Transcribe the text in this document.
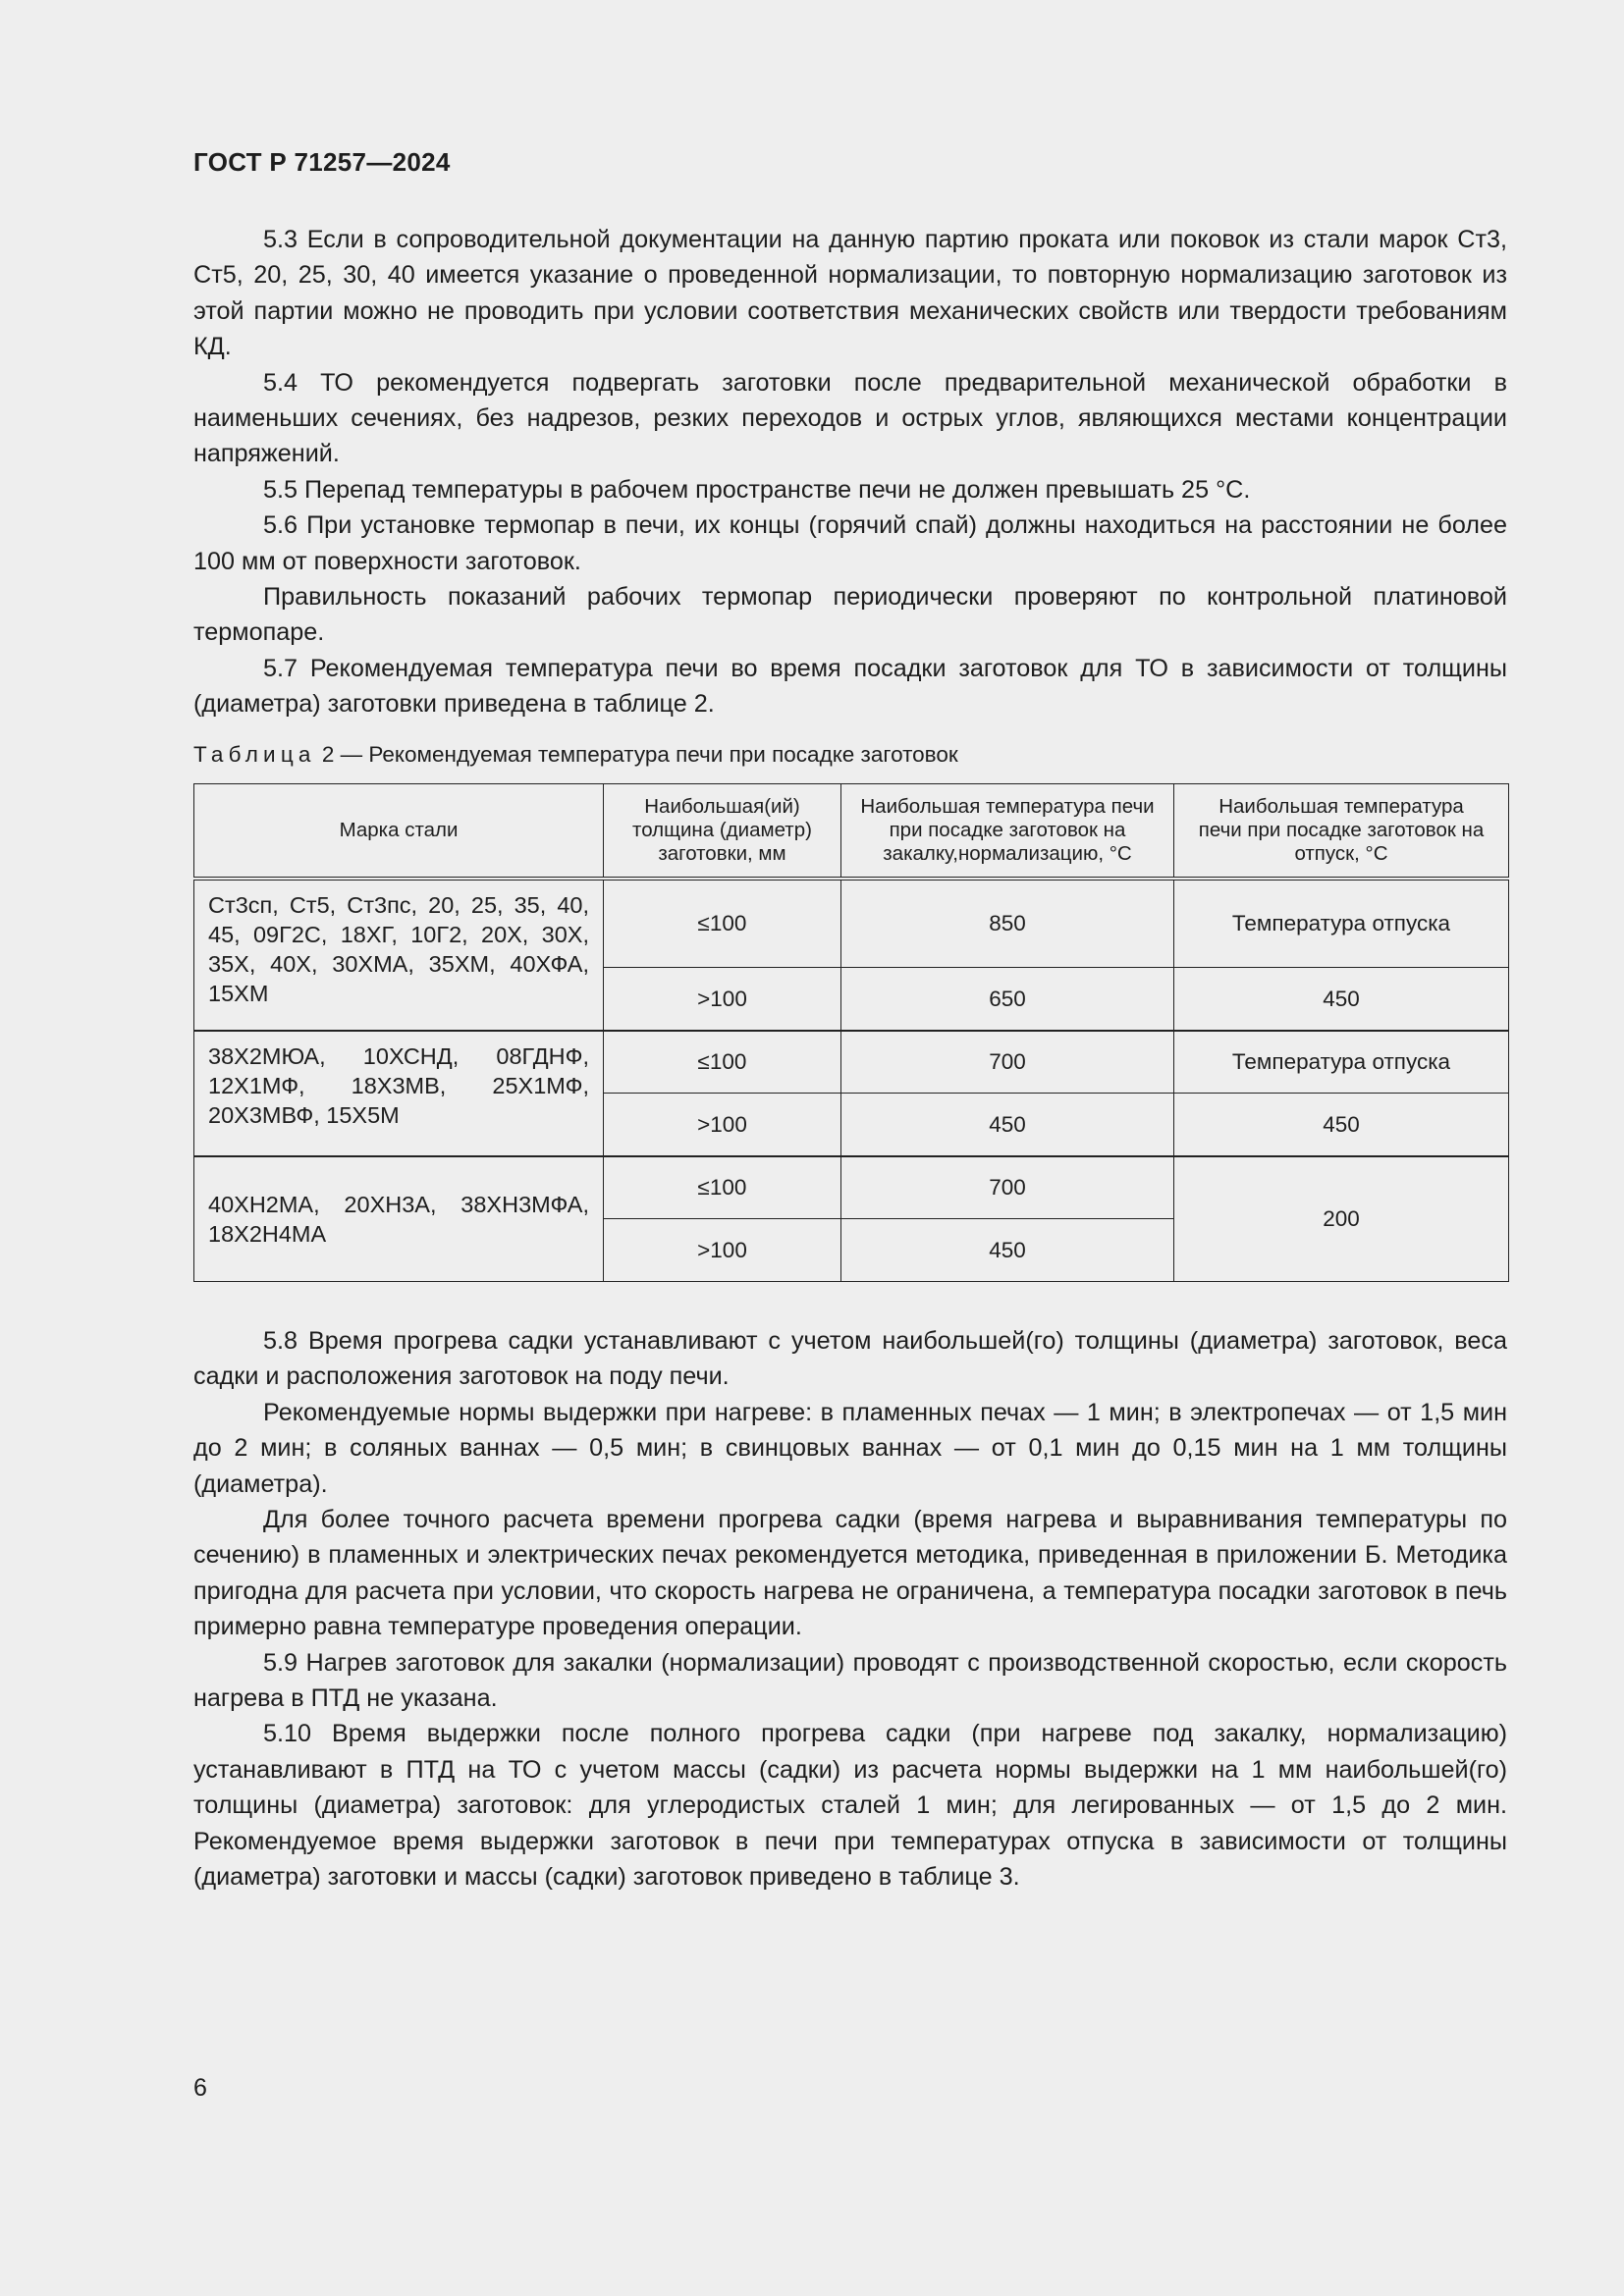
ГОСТ Р 71257—2024

5.3 Если в сопроводительной документации на данную партию проката или поковок из стали марок Ст3, Ст5, 20, 25, 30, 40 имеется указание о проведенной нормализации, то повторную нормализацию заготовок из этой партии можно не проводить при условии соответствия механических свойств или твердости требованиям КД.

5.4 ТО рекомендуется подвергать заготовки после предварительной механической обработки в наименьших сечениях, без надрезов, резких переходов и острых углов, являющихся местами концентрации напряжений.

5.5 Перепад температуры в рабочем пространстве печи не должен превышать 25 °С.

5.6 При установке термопар в печи, их концы (горячий спай) должны находиться на расстоянии не более 100 мм от поверхности заготовок.

Правильность показаний рабочих термопар периодически проверяют по контрольной платиновой термопаре.

5.7 Рекомендуемая температура печи во время посадки заготовок для ТО в зависимости от толщины (диаметра) заготовки приведена в таблице 2.

Таблица 2 — Рекомендуемая температура печи при посадке заготовок
Марка стали	Наибольшая(ий) толщина (диаметр) заготовки, мм	Наибольшая температура печи при посадке заготовок на закалку,нормализацию, °С	Наибольшая температура печи при посадке заготовок на отпуск, °С
Ст3сп, Ст5, Ст3пс, 20, 25, 35, 40, 45, 09Г2С, 18ХГ, 10Г2, 20Х, 30Х, 35Х, 40Х, 30ХМА, 35ХМ, 40ХФА, 15ХМ	≤100	850	Температура отпуска
	>100	650	450
38Х2МЮА, 10ХСНД, 08ГДНФ, 12Х1МФ, 18Х3МВ, 25Х1МФ, 20Х3МВФ, 15Х5М	≤100	700	Температура отпуска
	>100	450	450
40ХН2МА, 20ХН3А, 38ХН3МФА, 18Х2Н4МА	≤100	700	200
	>100	450	

5.8 Время прогрева садки устанавливают с учетом наибольшей(го) толщины (диаметра) заготовок, веса садки и расположения заготовок на поду печи.

Рекомендуемые нормы выдержки при нагреве: в пламенных печах — 1 мин; в электропечах — от 1,5 мин до 2 мин; в соляных ваннах — 0,5 мин; в свинцовых ваннах — от 0,1 мин до 0,15 мин на 1 мм толщины (диаметра).

Для более точного расчета времени прогрева садки (время нагрева и выравнивания температуры по сечению) в пламенных и электрических печах рекомендуется методика, приведенная в приложении Б. Методика пригодна для расчета при условии, что скорость нагрева не ограничена, а температура посадки заготовок в печь примерно равна температуре проведения операции.

5.9 Нагрев заготовок для закалки (нормализации) проводят с производственной скоростью, если скорость нагрева в ПТД не указана.

5.10 Время выдержки после полного прогрева садки (при нагреве под закалку, нормализацию) устанавливают в ПТД на ТО с учетом массы (садки) из расчета нормы выдержки на 1 мм наибольшей(го) толщины (диаметра) заготовок: для углеродистых сталей 1 мин; для легированных — от 1,5 до 2 мин. Рекомендуемое время выдержки заготовок в печи при температурах отпуска в зависимости от толщины (диаметра) заготовки и массы (садки) заготовок приведено в таблице 3.

6
